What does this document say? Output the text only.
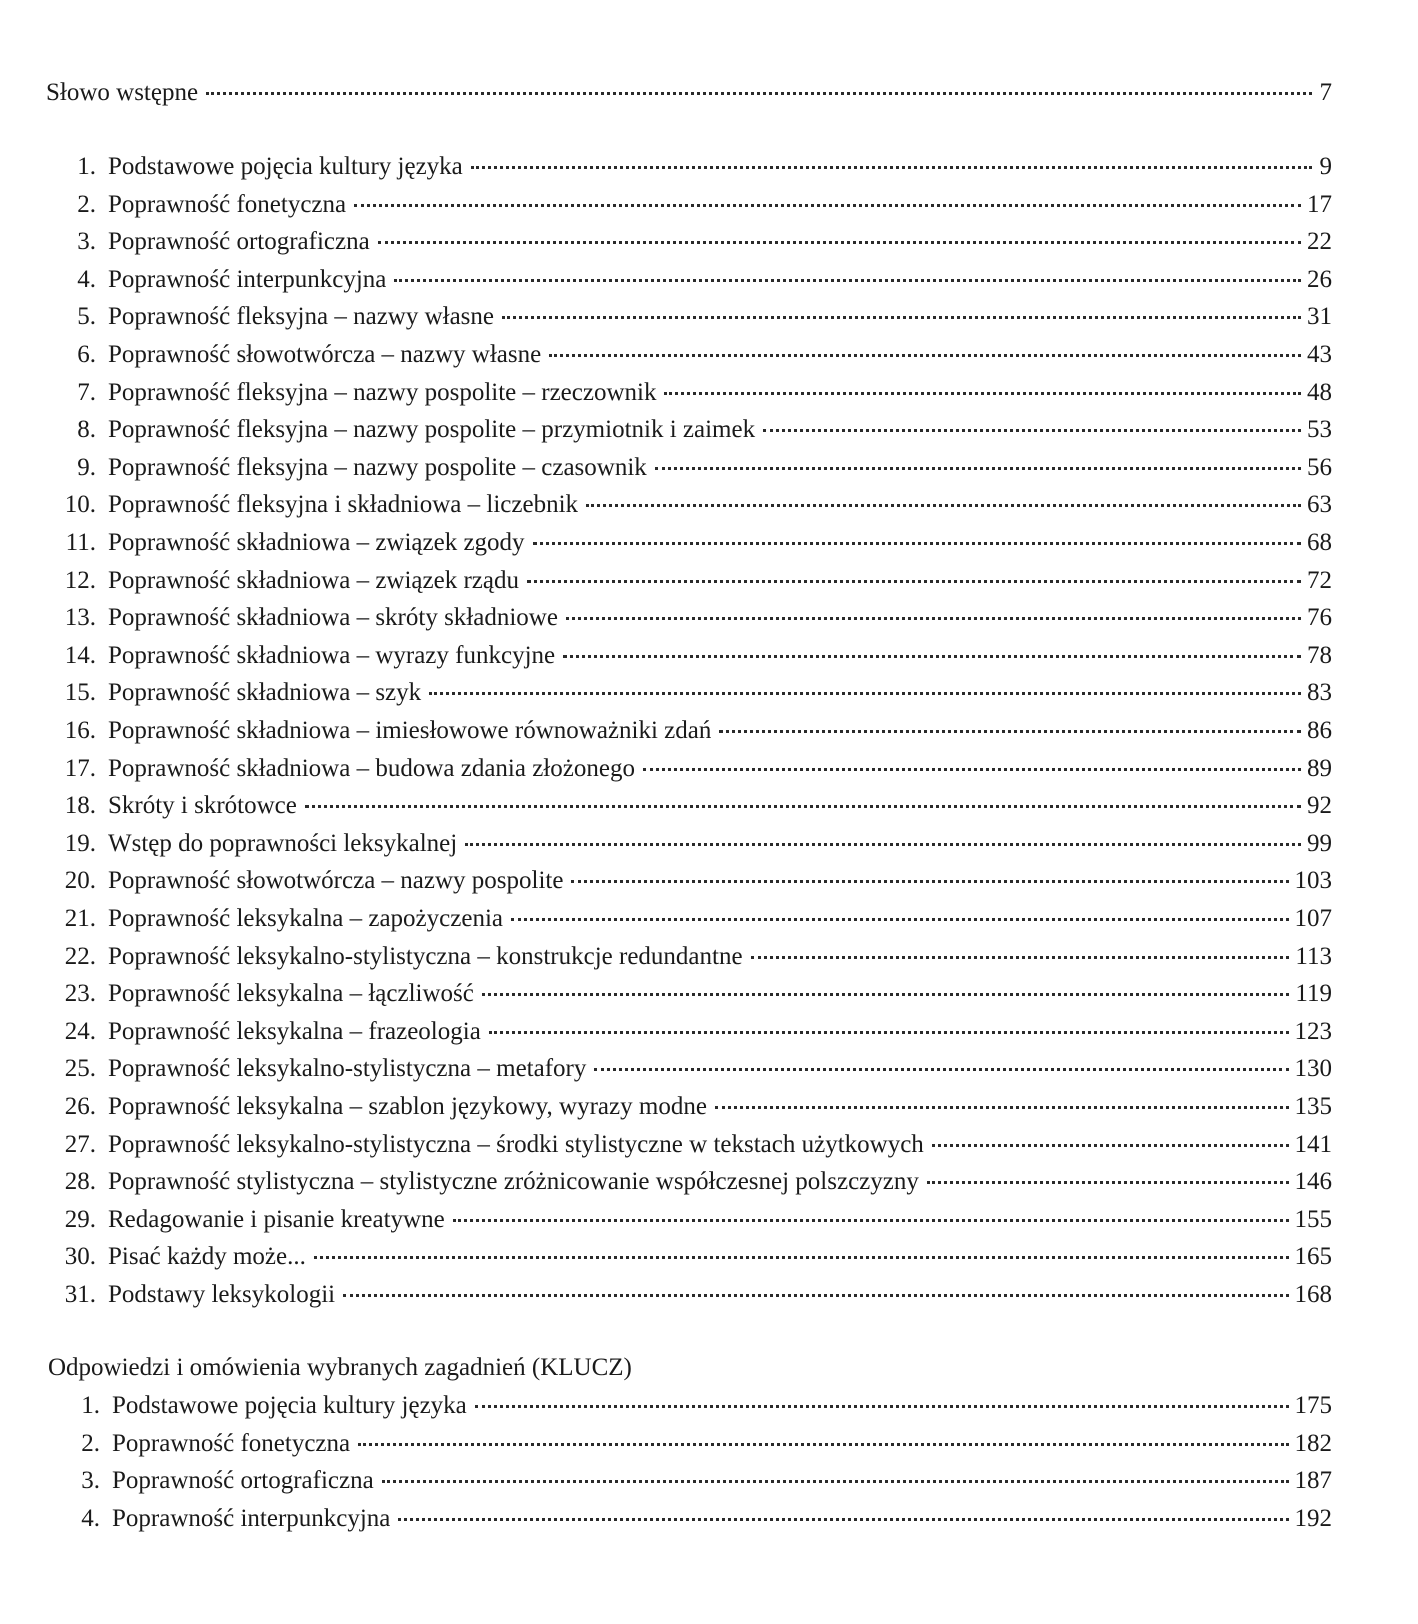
Słowo wstępne	7
1. Podstawowe pojęcia kultury języka	9
2. Poprawność fonetyczna	17
3. Poprawność ortograficzna	22
4. Poprawność interpunkcyjna	26
5. Poprawność fleksyjna – nazwy własne	31
6. Poprawność słowotwórcza – nazwy własne	43
7. Poprawność fleksyjna – nazwy pospolite – rzeczownik	48
8. Poprawność fleksyjna – nazwy pospolite – przymiotnik i zaimek	53
9. Poprawność fleksyjna – nazwy pospolite – czasownik	56
10. Poprawność fleksyjna i składniowa – liczebnik	63
11. Poprawność składniowa – związek zgody	68
12. Poprawność składniowa – związek rządu	72
13. Poprawność składniowa – skróty składniowe	76
14. Poprawność składniowa – wyrazy funkcyjne	78
15. Poprawność składniowa – szyk	83
16. Poprawność składniowa – imiesłowowe równoważniki zdań	86
17. Poprawność składniowa – budowa zdania złożonego	89
18. Skróty i skrótowce	92
19. Wstęp do poprawności leksykalnej	99
20. Poprawność słowotwórcza – nazwy pospolite	103
21. Poprawność leksykalna – zapożyczenia	107
22. Poprawność leksykalno-stylistyczna – konstrukcje redundantne	113
23. Poprawność leksykalna – łączliwość	119
24. Poprawność leksykalna – frazeologia	123
25. Poprawność leksykalno-stylistyczna – metafory	130
26. Poprawność leksykalna – szablon językowy, wyrazy modne	135
27. Poprawność leksykalno-stylistyczna – środki stylistyczne w tekstach użytkowych	141
28. Poprawność stylistyczna – stylistyczne zróżnicowanie współczesnej polszczyzny	146
29. Redagowanie i pisanie kreatywne	155
30. Pisać każdy może...	165
31. Podstawy leksykologii	168
Odpowiedzi i omówienia wybranych zagadnień (KLUCZ)
1. Podstawowe pojęcia kultury języka	175
2. Poprawność fonetyczna	182
3. Poprawność ortograficzna	187
4. Poprawność interpunkcyjna	192
